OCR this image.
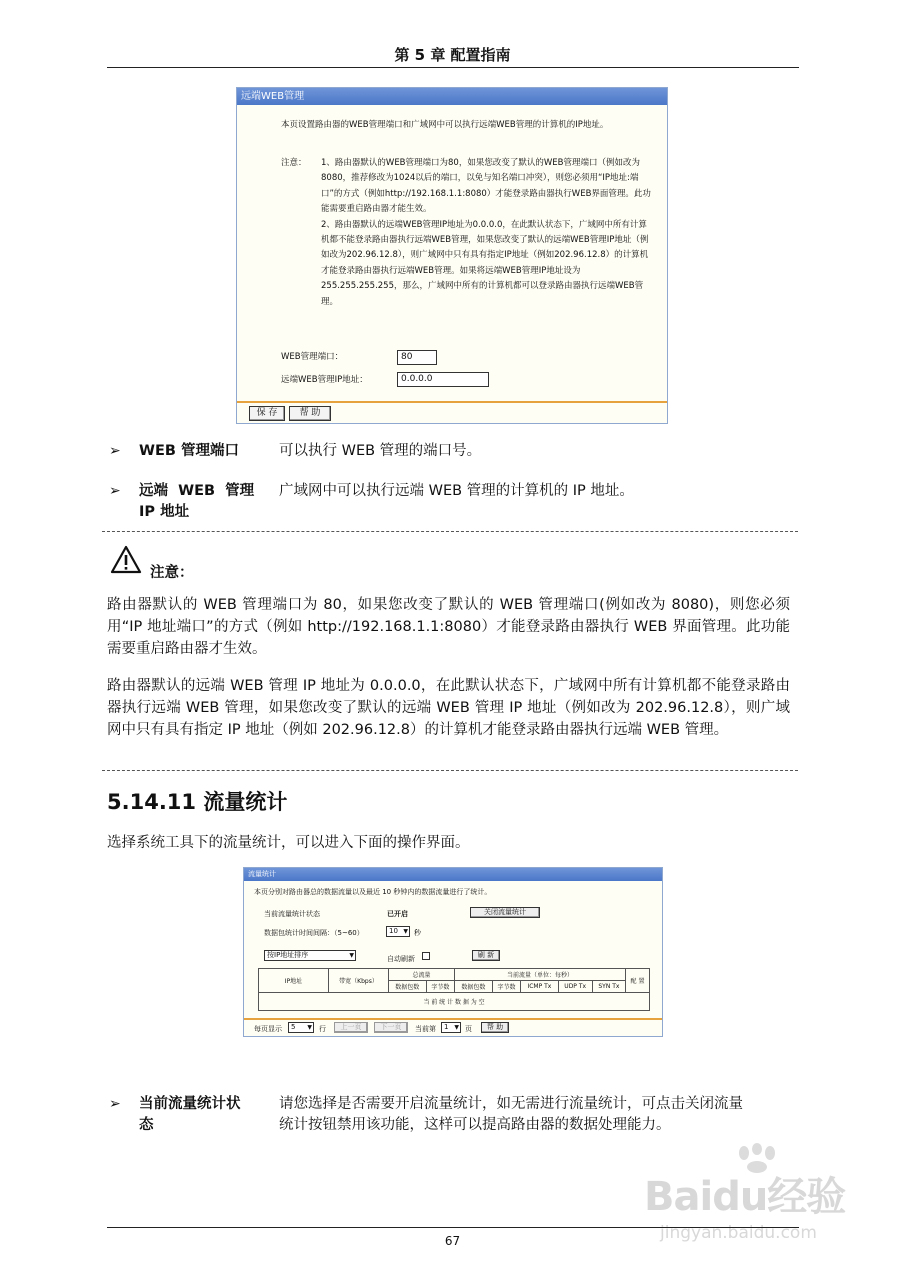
第 5 章 配置指南
远端WEB管理
本页设置路由器的WEB管理端口和广域网中可以执行远端WEB管理的计算机的IP地址。
注意： 1、路由器默认的WEB管理端口为80，如果您改变了默认的WEB管理端口（例如改为8080，推荐修改为1024以后的端口，以免与知名端口冲突），则您必须用“IP地址:端口”的方式（例如http://192.168.1.1:8080）才能登录路由器执行WEB界面管理。此功能需要重启路由器才能生效。
2、路由器默认的远端WEB管理IP地址为0.0.0.0，在此默认状态下，广域网中所有计算机都不能登录路由器执行远端WEB管理，如果您改变了默认的远端WEB管理IP地址（例如改为202.96.12.8），则广域网中只有具有指定IP地址（例如202.96.12.8）的计算机才能登录路由器执行远端WEB管理。如果将远端WEB管理IP地址设为255.255.255.255，那么，广域网中所有的计算机都可以登录路由器执行远端WEB管理。
WEB管理端口：	80
远端WEB管理IP地址：	0.0.0.0
保 存	帮 助
➢ WEB 管理端口	可以执行 WEB 管理的端口号。
➢ 远端  WEB  管理
IP 地址
广域网中可以执行远端 WEB 管理的计算机的 IP 地址。
注意：
路由器默认的 WEB 管理端口为 80，如果您改变了默认的 WEB 管理端口(例如改为 8080)，则您必须用“IP 地址端口”的方式（例如 http://192.168.1.1:8080）才能登录路由器执行 WEB 界面管理。此功能需要重启路由器才生效。
路由器默认的远端 WEB 管理 IP 地址为 0.0.0.0，在此默认状态下，广域网中所有计算机都不能登录路由器执行远端 WEB 管理，如果您改变了默认的远端 WEB 管理 IP 地址（例如改为 202.96.12.8），则广域网中只有具有指定 IP 地址（例如 202.96.12.8）的计算机才能登录路由器执行远端 WEB 管理。
5.14.11 流量统计
选择系统工具下的流量统计，可以进入下面的操作界面。
流量统计
本页分别对路由器总的数据流量以及最近 10 秒钟内的数据流量进行了统计。
当前流量统计状态	已开启	关闭流量统计
数据包统计时间间隔：（5~60）	10 ▼ 秒
按IP地址排序	▼	自动刷新	刷 新
IP地址	带宽（Kbps）	总流量		当前流量（单位：每秒）					配 置
		数据包数	字节数	数据包数	字节数	ICMP Tx	UDP Tx	SYN Tx	
当 前 统 计 数 据 为 空									
每页显示	5 ▼ 行	上一页	下一页	当前第	1 ▼ 页	帮 助
➢ 当前流量统计状
态
请您选择是否需要开启流量统计，如无需进行流量统计，可点击关闭流量
统计按钮禁用该功能，这样可以提高路由器的数据处理能力。
Baidu经验
jingyan.baidu.com
67
